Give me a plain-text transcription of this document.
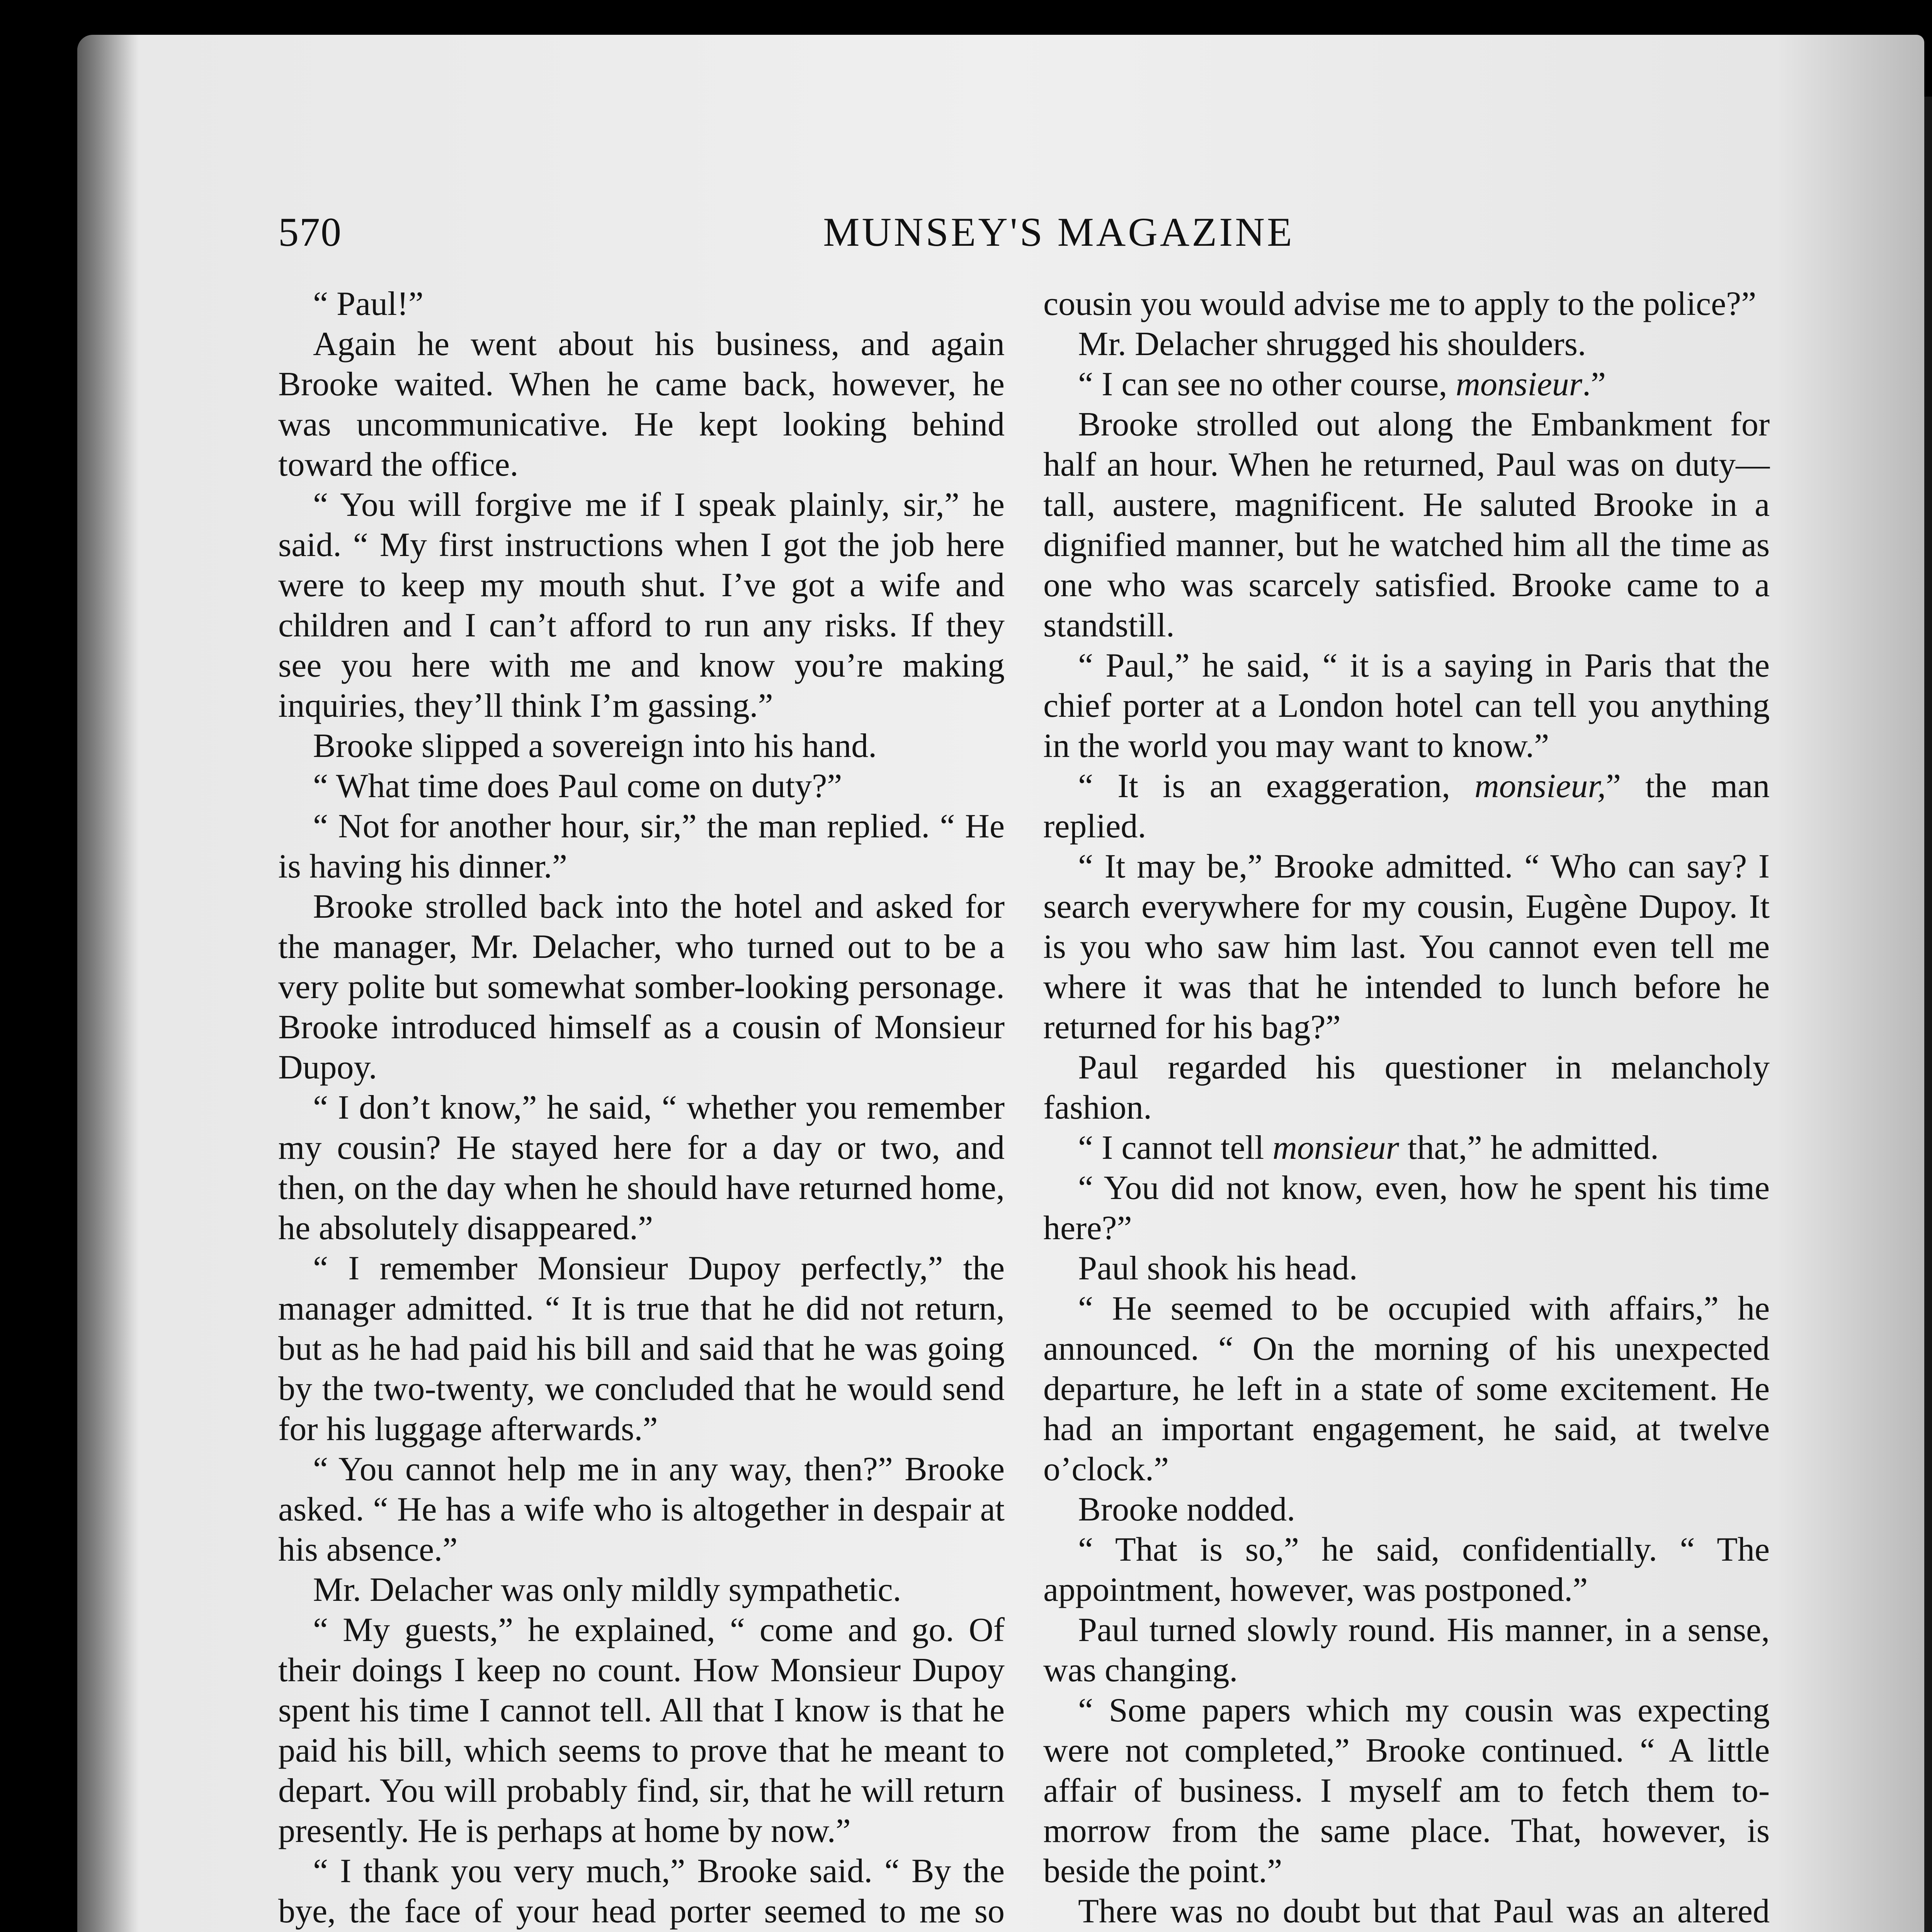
570	MUNSEY'S MAGAZINE

“ Paul!”

Again he went about his business, and again Brooke waited. When he came back, however, he was uncommunicative. He kept looking behind toward the office.

“ You will forgive me if I speak plainly, sir,” he said. “ My first instructions when I got the job here were to keep my mouth shut. I’ve got a wife and children and I can’t afford to run any risks. If they see you here with me and know you’re making inquiries, they’ll think I’m gassing.”

Brooke slipped a sovereign into his hand.

“ What time does Paul come on duty?”

“ Not for another hour, sir,” the man replied. “ He is having his dinner.”

Brooke strolled back into the hotel and asked for the manager, Mr. Delacher, who turned out to be a very polite but somewhat somber-looking personage. Brooke introduced himself as a cousin of Monsieur Dupoy.

“ I don’t know,” he said, “ whether you remember my cousin? He stayed here for a day or two, and then, on the day when he should have returned home, he absolutely disappeared.”

“ I remember Monsieur Dupoy perfectly,” the manager admitted. “ It is true that he did not return, but as he had paid his bill and said that he was going by the two-twenty, we concluded that he would send for his luggage afterwards.”

“ You cannot help me in any way, then?” Brooke asked. “ He has a wife who is altogether in despair at his absence.”

Mr. Delacher was only mildly sympathetic.

“ My guests,” he explained, “ come and go. Of their doings I keep no count. How Monsieur Dupoy spent his time I cannot tell. All that I know is that he paid his bill, which seems to prove that he meant to depart. You will probably find, sir, that he will return presently. He is perhaps at home by now.”

“ I thank you very much,” Brooke said. “ By the bye, the face of your head porter seemed to me so

cousin you would advise me to apply to the police?”

Mr. Delacher shrugged his shoulders.

“ I can see no other course, monsieur.”

Brooke strolled out along the Embankment for half an hour. When he returned, Paul was on duty—tall, austere, magnificent. He saluted Brooke in a dignified manner, but he watched him all the time as one who was scarcely satisfied. Brooke came to a standstill.

“ Paul,” he said, “ it is a saying in Paris that the chief porter at a London hotel can tell you anything in the world you may want to know.”

“ It is an exaggeration, monsieur,” the man replied.

“ It may be,” Brooke admitted. “ Who can say? I search everywhere for my cousin, Eugène Dupoy. It is you who saw him last. You cannot even tell me where it was that he intended to lunch before he returned for his bag?”

Paul regarded his questioner in melancholy fashion.

“ I cannot tell monsieur that,” he admitted.

“ You did not know, even, how he spent his time here?”

Paul shook his head.

“ He seemed to be occupied with affairs,” he announced. “ On the morning of his unexpected departure, he left in a state of some excitement. He had an important engagement, he said, at twelve o’clock.”

Brooke nodded.

“ That is so,” he said, confidentially. “ The appointment, however, was postponed.”

Paul turned slowly round. His manner, in a sense, was changing.

“ Some papers which my cousin was expecting were not completed,” Brooke continued. “ A little affair of business. I myself am to fetch them to-morrow from the same place. That, however, is beside the point.”

There was no doubt but that Paul was an altered
